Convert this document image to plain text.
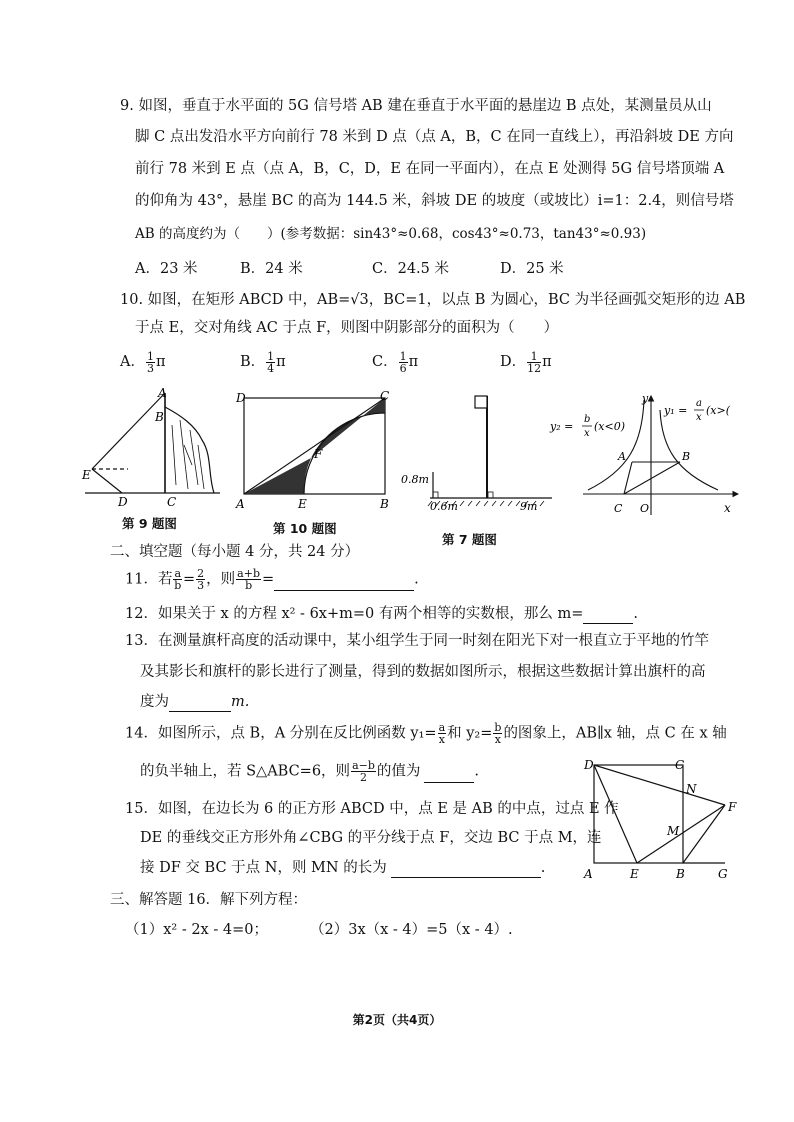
9. 如图，垂直于水平面的 5G 信号塔 AB 建在垂直于水平面的悬崖边 B 点处，某测量员从山
脚 C 点出发沿水平方向前行 78 米到 D 点（点 A，B，C 在同一直线上），再沿斜坡 DE 方向
前行 78 米到 E 点（点 A，B，C，D，E 在同一平面内），在点 E 处测得 5G 信号塔顶端 A
的仰角为 43°，悬崖 BC 的高为 144.5 米，斜坡 DE 的坡度（或坡比）i=1：2.4，则信号塔
AB 的高度约为（　　）(参考数据：sin43°≈0.68，cos43°≈0.73，tan43°≈0.93)
A．23 米	B．24 米	C．24.5 米	D．25 米
10. 如图，在矩形 ABCD 中，AB=√3，BC=1，以点 B 为圆心，BC 为半径画弧交矩形的边 AB
于点 E，交对角线 AC 于点 F，则图中阴影部分的面积为（　　）
A． $\frac{1}{3}$ π	B． $\frac{1}{4}$ π	C． $\frac{1}{6}$ π	D． $\frac{1}{12}$ π
A
B
C
D
E
第 9 题图
D	C
A	B
E
F
第 10 题图
0.8m
0.6m	9m
第 7 题图
y₂ =
b
x
(x<0)
y₁ =
a
x
(x>(
y
x
O
A	B
C
二、填空题（每小题 4 分，共 24 分）
11．若 $\frac{a}{b} = \frac{2}{3}$ ，则 $\frac{a+b}{b}$ =	.
12．如果关于 x 的方程 x² - 6x+m=0 有两个相等的实数根，那么 m=	.
13．在测量旗杆高度的活动课中，某小组学生于同一时刻在阳光下对一根直立于平地的竹竿
及其影长和旗杆的影长进行了测量，得到的数据如图所示，根据这些数据计算出旗杆的高
度为	m.
14．如图所示，点 B，A 分别在反比例函数 $y_1= \frac{a}{x}$ 和 $y_2= \frac{b}{x}$ 的图象上，AB∥x 轴，点 C 在 x 轴
的负半轴上，若 S△ABC=6，则 $\frac{a-b}{2}$ 的值为	.	D	C
A	E	B	G
F
M
N
15．如图，在边长为 6 的正方形 ABCD 中，点 E 是 AB 的中点，过点 E 作
DE 的垂线交正方形外角∠CBG 的平分线于点 F，交边 BC 于点 M，连
接 DF 交 BC 于点 N，则 MN 的长为	.
三、解答题 16．解下列方程：
（1）x² - 2x - 4=0；	（2）3x（x - 4）=5（x - 4）.
第2页（共4页）
